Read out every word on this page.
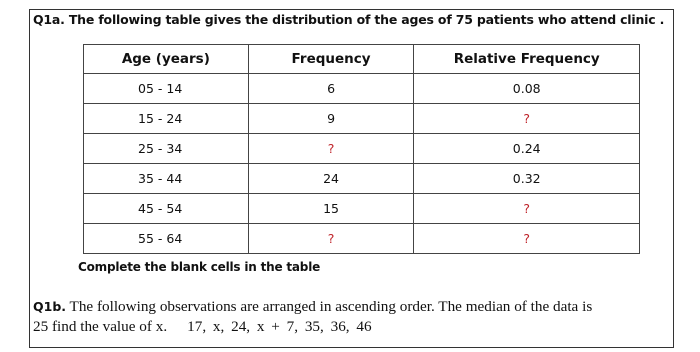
Q1a. The following table gives the distribution of the ages of 75 patients who attend clinic .
Age (years)	Frequency	Relative Frequency
05 - 14	6	0.08
15 - 24	9	?
25 - 34	?	0.24
35 - 44	24	0.32
45 - 54	15	?
55 - 64	?	?
Complete the blank cells in the table
Q1b. The following observations are arranged in ascending order. The median of the data is
25 find the value of x. 17, x, 24, x + 7, 35, 36, 46
